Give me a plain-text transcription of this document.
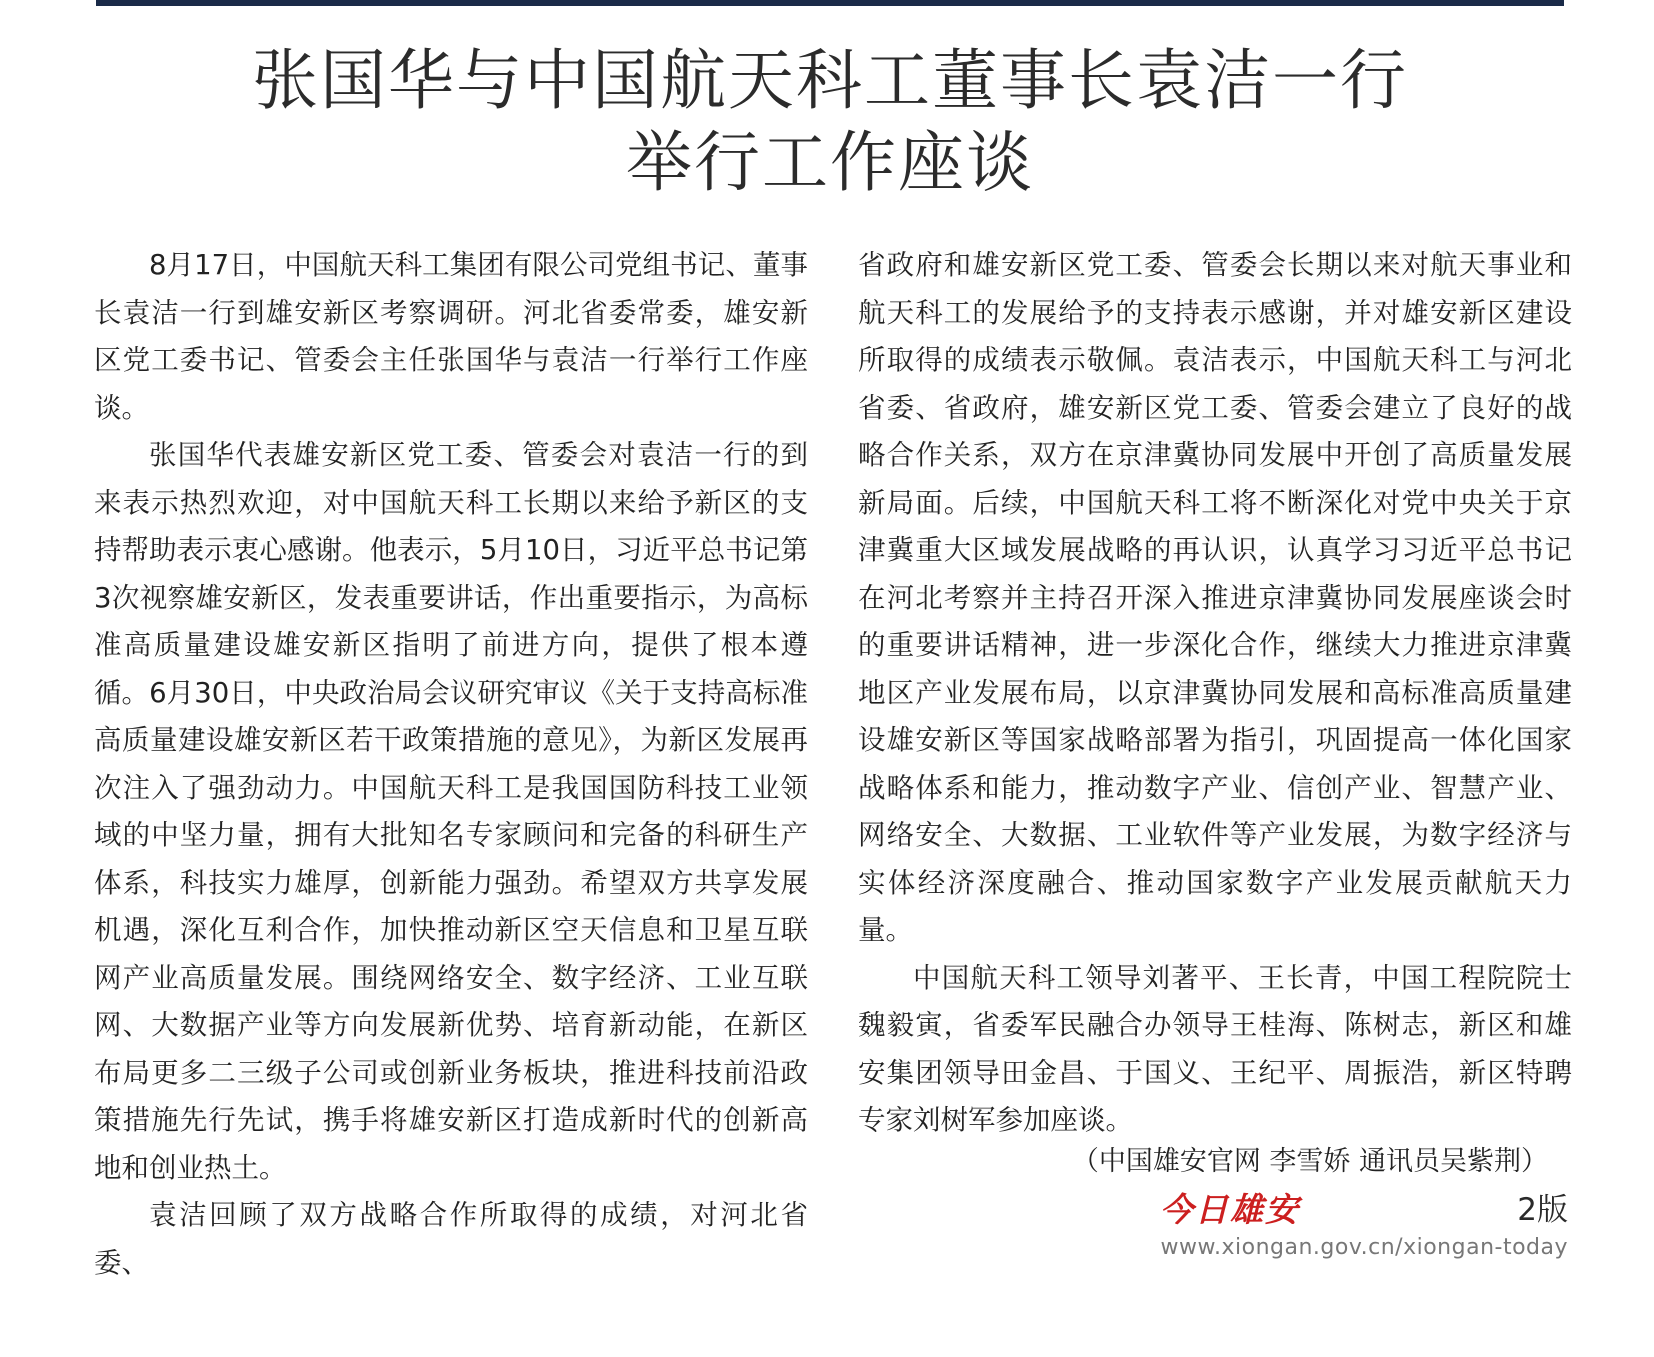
张国华与中国航天科工董事长袁洁一行
举行工作座谈

8月17日，中国航天科工集团有限公司党组书记、董事长袁洁一行到雄安新区考察调研。河北省委常委，雄安新区党工委书记、管委会主任张国华与袁洁一行举行工作座谈。

张国华代表雄安新区党工委、管委会对袁洁一行的到来表示热烈欢迎，对中国航天科工长期以来给予新区的支持帮助表示衷心感谢。他表示，5月10日，习近平总书记第3次视察雄安新区，发表重要讲话，作出重要指示，为高标准高质量建设雄安新区指明了前进方向，提供了根本遵循。6月30日，中央政治局会议研究审议《关于支持高标准高质量建设雄安新区若干政策措施的意见》，为新区发展再次注入了强劲动力。中国航天科工是我国国防科技工业领域的中坚力量，拥有大批知名专家顾问和完备的科研生产体系，科技实力雄厚，创新能力强劲。希望双方共享发展机遇，深化互利合作，加快推动新区空天信息和卫星互联网产业高质量发展。围绕网络安全、数字经济、工业互联网、大数据产业等方向发展新优势、培育新动能，在新区布局更多二三级子公司或创新业务板块，推进科技前沿政策措施先行先试，携手将雄安新区打造成新时代的创新高地和创业热土。

袁洁回顾了双方战略合作所取得的成绩，对河北省委、

省政府和雄安新区党工委、管委会长期以来对航天事业和航天科工的发展给予的支持表示感谢，并对雄安新区建设所取得的成绩表示敬佩。袁洁表示，中国航天科工与河北省委、省政府，雄安新区党工委、管委会建立了良好的战略合作关系，双方在京津冀协同发展中开创了高质量发展新局面。后续，中国航天科工将不断深化对党中央关于京津冀重大区域发展战略的再认识，认真学习习近平总书记在河北考察并主持召开深入推进京津冀协同发展座谈会时的重要讲话精神，进一步深化合作，继续大力推进京津冀地区产业发展布局，以京津冀协同发展和高标准高质量建设雄安新区等国家战略部署为指引，巩固提高一体化国家战略体系和能力，推动数字产业、信创产业、智慧产业、网络安全、大数据、工业软件等产业发展，为数字经济与实体经济深度融合、推动国家数字产业发展贡献航天力量。

中国航天科工领导刘著平、王长青，中国工程院院士魏毅寅，省委军民融合办领导王桂海、陈树志，新区和雄安集团领导田金昌、于国义、王纪平、周振浩，新区特聘专家刘树军参加座谈。

（中国雄安官网 李雪娇 通讯员吴紫荆）
今日雄安	2版
www.xiongan.gov.cn/xiongan-today
